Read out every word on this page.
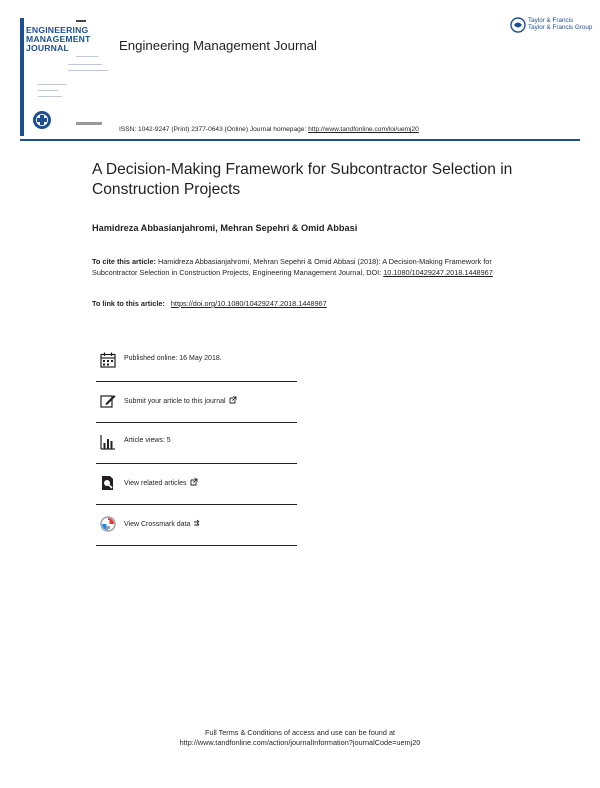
ENGINEERING
MANAGEMENT
JOURNAL	Engineering Management Journal
Taylor & Francis
Taylor & Francis Group
ISSN: 1042-9247 (Print) 2377-0643 (Online) Journal homepage: http://www.tandfonline.com/loi/uemj20
A Decision-Making Framework for Subcontractor Selection in Construction Projects
Hamidreza Abbasianjahromi, Mehran Sepehri & Omid Abbasi
To cite this article: Hamidreza Abbasianjahromi, Mehran Sepehri & Omid Abbasi (2018): A Decision-Making Framework for Subcontractor Selection in Construction Projects, Engineering Management Journal, DOI: 10.1080/10429247.2018.1448967
To link to this article: https://doi.org/10.1080/10429247.2018.1448967
Published online: 16 May 2018.
Submit your article to this journal
Article views: 5
View related articles
View Crossmark data
Full Terms & Conditions of access and use can be found at
http://www.tandfonline.com/action/journalInformation?journalCode=uemj20
